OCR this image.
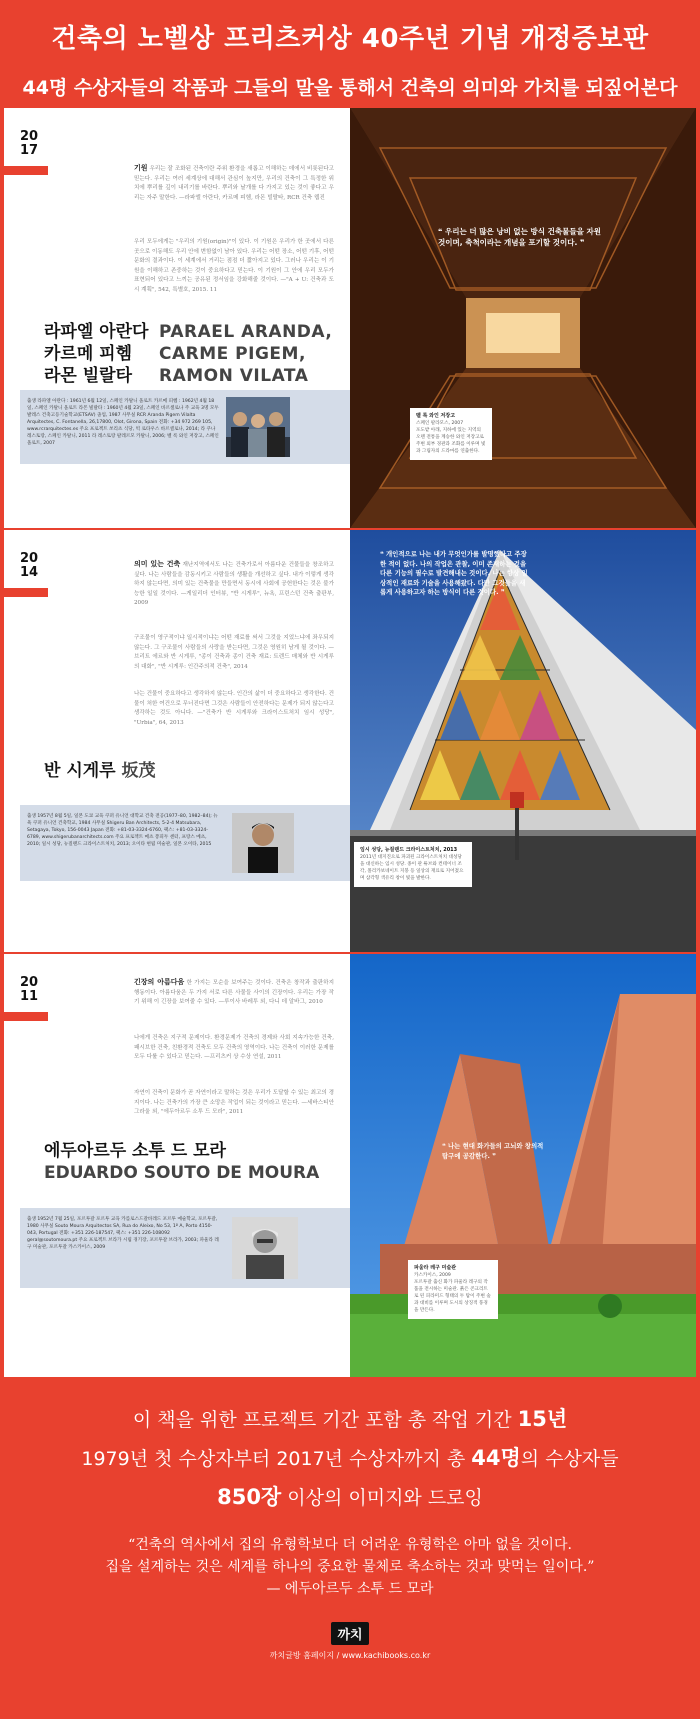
건축의 노벨상 프리츠커상 40주년 기념 개정증보판
44명 수상자들의 작품과 그들의 말을 통해서 건축의 의미와 가치를 되짚어본다
20
17
기원 우리는 잘 조화된 건축이란 주위 환경을 새롭고 이해하는 데에서 비롯된다고 믿는다. 우리는 여러 세계상에 대해서 관심이 높지만, 우리의 건축이 그 특정한 위치에 뿌리를 깊이 내리기를 바란다. 뿌리와 날개를 다 가지고 있는 것이 좋다고 우리는 자주 말한다. —라파엘 아란다, 카르메 피헴, 라몬 빌랄타, RCR 건축 웹진
우리 모두에게는 "우리의 기원(origin)"이 있다. 이 기원은 우리가 한 곳에서 다른 곳으로 이동해도 우리 안에 변함없이 남아 있다. 우리는 어떤 장소, 어떤 기후, 어떤 문화의 결과이다. 이 세계에서 거리는 점점 더 짧아지고 있다. 그러나 우리는 이 기원을 이해하고 존중하는 것이 중요하다고 믿는다. 이 기원이 그 안에 우리 모두가 표현되어 있다고 느끼는 공유된 정서임을 강화해줄 것이다. —"A + U: 건축과 도시 계획", 542, 특별호, 2015. 11
라파엘 아란다
카르메 피헴
라몬 빌랄타
PARAEL ARANDA,
CARME PIGEM,
RAMON VILATA
출생 라파엘 아란다 : 1961년 6월 12일, 스페인 카탈니 올로트 카르메 피헴 : 1962년 4월 18일, 스페인 카탈니 올로트 라몬 빌랄타 : 1960년 4월 23일, 스페인 바르셀로나 주 교육 3명 모두 발레스 건축고등기술학교(ETSAV) 졸업, 1987 사무실 RCR Aranda Pigem Vilalta Arquitectes, C. Fontanella, 26,17800, Olot, Girona, Spain 전화: +34 972 269 105, www.rcrarquitectes.es 주요 프로젝트 쏘리츠 식당, 빅 로타우스 바르셀로나, 2014; 라 쿠나 레스토랑, 스페인 카탈니, 2011 라 레스토랑 팔레르모 카탈니, 2006; 벨 록 와인 저장고, 스페인 올로트, 2007
❝ 우리는 더 많은 낭비 없는 방식 건축물들을 자원 것이며, 축척이라는 개념을 포기할 것이다. ❞
벨 록 와인 저장고
스페인 팔라모스, 2007
포도밭 아래, 지하에 있는 지역의 오랜 전통을 계승한 와인 저장고로 주변 외부 경관과 조화를 이루며 빛과 그림자의 드라마를 연출한다.
20
14
의미 있는 건축 재난지역에서도 나는 건축가로서 아름다운 건물들을 창조하고 싶다. 나는 사람들을 감동시키고 사람들의 생활을 개선하고 싶다. 내가 이렇게 생각하지 않는다면, 의미 있는 건축물을 만들면서 동시에 사회에 공헌한다는 것은 불가능한 일일 것이다. —게일리더 인터뷰, "반 시게루", 뉴욕, 프린스턴 건축 출판부, 2009
구조물이 영구적이냐 일시적이냐는 어떤 재료를 써서 그것을 지었느냐에 좌우되지 않는다. 그 구조물이 사람들의 사랑을 받는다면, 그것은 영원히 남게 될 것이다. —브리트 에르와 반 시게루, "종이 건축과 종이 건축 재료: 트렌드 매체와 반 시게루의 대화", "반 시게루: 인간주의적 건축", 2014
나는 건물이 중요하다고 생각하지 않는다. 인간의 삶이 더 중요하다고 생각한다. 건물이 처한 여건으로 무너진다면 그것은 사람들이 안전하다는 문제가 되지 않는다고 생각하는 것도 아니다. —"건축가 반 시게루와 크라이스트처치 임시 성당", "Urbia", 64, 2013
반 시게루 坂茂
출생 1957년 8월 5일, 일본 도쿄 교육 쿠퍼 유니언 대학교 건축 전공(1977–80, 1982–84); 뉴욕 쿠퍼 유니언 건축학교, 1984 사무실 Shigeru Ban Architects, 5-2-4 Matsubara, Setagaya, Tokyo, 156-0043 Japan 전화: +81-03-3324-6760, 팩스: +81-03-3324-6789, www.shigerubanarchitects.com 주요 프로젝트 메츠 퐁피두 센터, 프랑스 메츠, 2010; 일시 성당, 뉴질랜드 크라이스트처치, 2013; 오이타 현립 미술관, 일본 오이타, 2015
❝ 개인적으로 나는 내가 무엇인가를 발명했다고 주장한 적이 없다. 나의 작업은 관찰, 이미 존재하는 것을 다른 기능의 필수로 발견해내는 것이다. 나는 항상 일상적인 재료와 기술을 사용해왔다. 다만 그것들을 새롭게 사용하고자 하는 방식이 다른 것이다. ❞
임시 성당, 뉴질랜드 크라이스트처치, 2013
2011년 대지진으로 파괴된 크라이스트처치 대성당을 대신하는 임시 성당. 종이 관 튜브와 컨테이너 조각, 폴리카보네이트 지붕 등 일상의 재료로 지어졌으며 삼각형 색유리 창이 빛을 발한다.
20
11
긴장의 아름다움 한 가지는 모순을 보여주는 것이다. 건축은 창작과 출판하지 행동이다. 아름다움은 두 가지 서로 다른 사물들 사이의 긴장이다. 우리는 가장 작기 위해 이 긴장을 보여줄 수 있다. —루이사 바레투 외, 다니 데 알바그, 2010
나에게 건축은 지구적 문제이다. 환경문제가 건축의 경제와 사회 지속가능한 건축, 패시브한 건축, 친환경적 건축도 모두 건축의 영역이다. 나는 건축이 이러한 문제를 모두 다룰 수 있다고 믿는다. —프리츠커 상 수상 연설, 2011
자연이 건축이 문화가 곧 자연이라고 말하는 것은 우리가 도달할 수 있는 최고의 경지이다. 나는 건축가의 가장 큰 소망은 작업이 되는 것이라고 믿는다. —세바스티안 그라울 외, "에두아르두 소투 드 모라", 2011
에두아르두 소투 드 모라
EDUARDO SOUTO DE MOURA
출생 1952년 7월 25일, 포르투갈 포르투 교육 카를로스드갈바레드 포르투 예술학교, 포르투갈, 1980 사무실 Souto Moura Arquitectos SA, Rua do Aleixo, No 53, 1º A, Porto 4150-043, Portugal 전화: +351 226-187547, 팩스: +351 226-108092 geral@soutomoura.pt 주요 프로젝트 브라가 시립 경기장, 포르투갈 브라가, 2003; 파울라 레구 미술관, 포르투갈 카스카이스, 2009
❝ 나는 현대 화가들의 고뇌와 창의적 탐구에 공감한다. ❞
파울라 레구 미술관
카스카이스, 2009
포르투갈 출신 화가 파울라 레구의 작품을 전시하는 미술관. 붉은 콘크리트로 된 피라미드 형태의 두 탑이 주변 숲과 대비를 이루며 도시의 상징적 풍경을 만든다.
이 책을 위한 프로젝트 기간 포함 총 작업 기간 15년
1979년 첫 수상자부터 2017년 수상자까지 총 44명의 수상자들
850장 이상의 이미지와 드로잉
“건축의 역사에서 집의 유형학보다 더 어려운 유형학은 아마 없을 것이다.
집을 설계하는 것은 세계를 하나의 중요한 물체로 축소하는 것과 맞먹는 일이다.”
— 에두아르두 소투 드 모라
까치
까치글방 홈페이지 / www.kachibooks.co.kr
